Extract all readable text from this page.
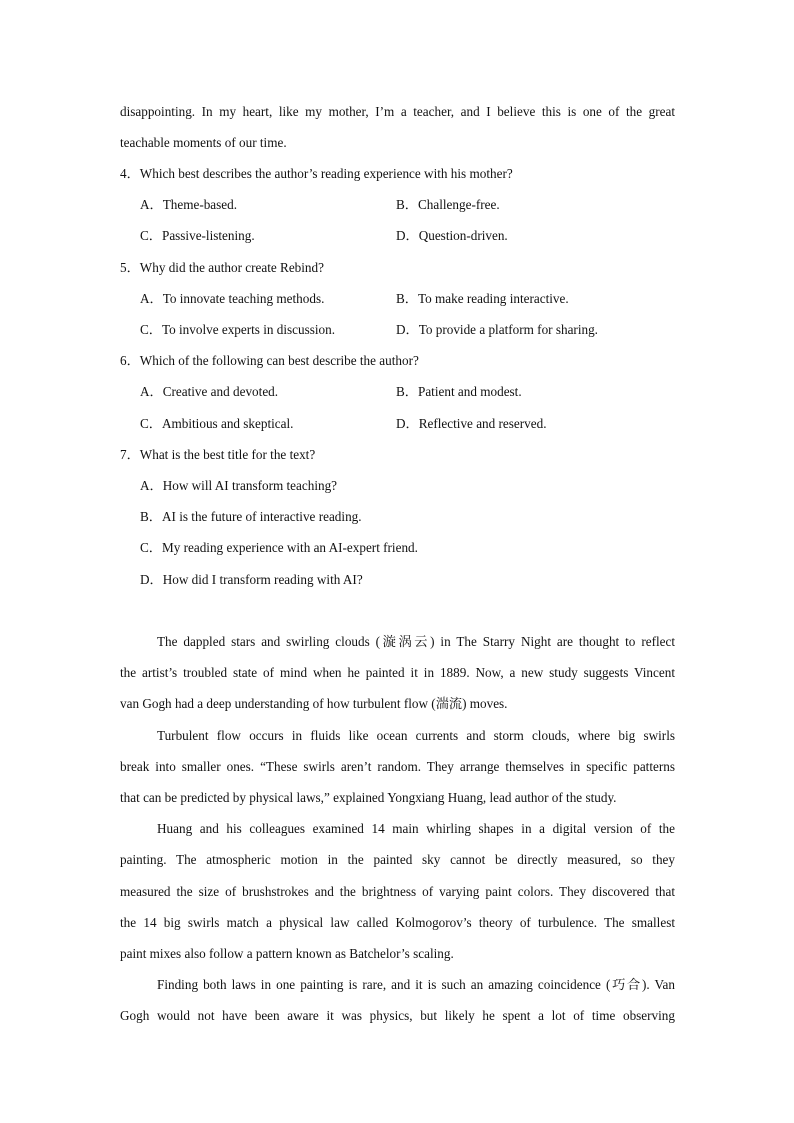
disappointing. In my heart, like my mother, I’m a teacher, and I believe this is one of the great
teachable moments of our time.
4．Which best describes the author’s reading experience with his mother?
A．Theme-based.	B．Challenge-free.
C．Passive-listening.	D．Question-driven.
5．Why did the author create Rebind?
A．To innovate teaching methods.	B．To make reading interactive.
C．To involve experts in discussion.	D．To provide a platform for sharing.
6．Which of the following can best describe the author?
A．Creative and devoted.	B．Patient and modest.
C．Ambitious and skeptical.	D．Reflective and reserved.
7．What is the best title for the text?
A．How will AI transform teaching?
B．AI is the future of interactive reading.
C．My reading experience with an AI-expert friend.
D．How did I transform reading with AI?
The dappled stars and swirling clouds (漩涡云) in The Starry Night are thought to reflect
the artist’s troubled state of mind when he painted it in 1889. Now, a new study suggests Vincent
van Gogh had a deep understanding of how turbulent flow (湍流) moves.
Turbulent flow occurs in fluids like ocean currents and storm clouds, where big swirls
break into smaller ones. “These swirls aren’t random. They arrange themselves in specific patterns
that can be predicted by physical laws,” explained Yongxiang Huang, lead author of the study.
Huang and his colleagues examined 14 main whirling shapes in a digital version of the
painting. The atmospheric motion in the painted sky cannot be directly measured, so they
measured the size of brushstrokes and the brightness of varying paint colors. They discovered that
the 14 big swirls match a physical law called Kolmogorov’s theory of turbulence. The smallest
paint mixes also follow a pattern known as Batchelor’s scaling.
Finding both laws in one painting is rare, and it is such an amazing coincidence (巧合). Van
Gogh would not have been aware it was physics, but likely he spent a lot of time observing
